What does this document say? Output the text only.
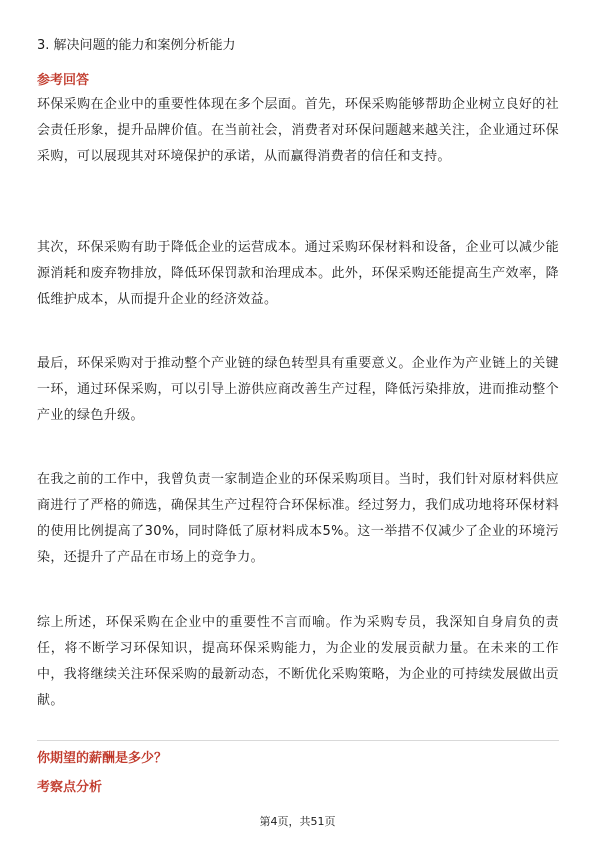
3. 解决问题的能力和案例分析能力
参考回答

环保采购在企业中的重要性体现在多个层面。首先，环保采购能够帮助企业树立良好的社会责任形象，提升品牌价值。在当前社会，消费者对环保问题越来越关注，企业通过环保采购，可以展现其对环境保护的承诺，从而赢得消费者的信任和支持。

其次，环保采购有助于降低企业的运营成本。通过采购环保材料和设备，企业可以减少能源消耗和废弃物排放，降低环保罚款和治理成本。此外，环保采购还能提高生产效率，降低维护成本，从而提升企业的经济效益。

最后，环保采购对于推动整个产业链的绿色转型具有重要意义。企业作为产业链上的关键一环，通过环保采购，可以引导上游供应商改善生产过程，降低污染排放，进而推动整个产业的绿色升级。

在我之前的工作中，我曾负责一家制造企业的环保采购项目。当时，我们针对原材料供应商进行了严格的筛选，确保其生产过程符合环保标准。经过努力，我们成功地将环保材料的使用比例提高了30%，同时降低了原材料成本5%。这一举措不仅减少了企业的环境污染，还提升了产品在市场上的竞争力。

综上所述，环保采购在企业中的重要性不言而喻。作为采购专员，我深知自身肩负的责任，将不断学习环保知识，提高环保采购能力，为企业的发展贡献力量。在未来的工作中，我将继续关注环保采购的最新动态，不断优化采购策略，为企业的可持续发展做出贡献。

你期望的薪酬是多少？
考察点分析
第4页，共51页
